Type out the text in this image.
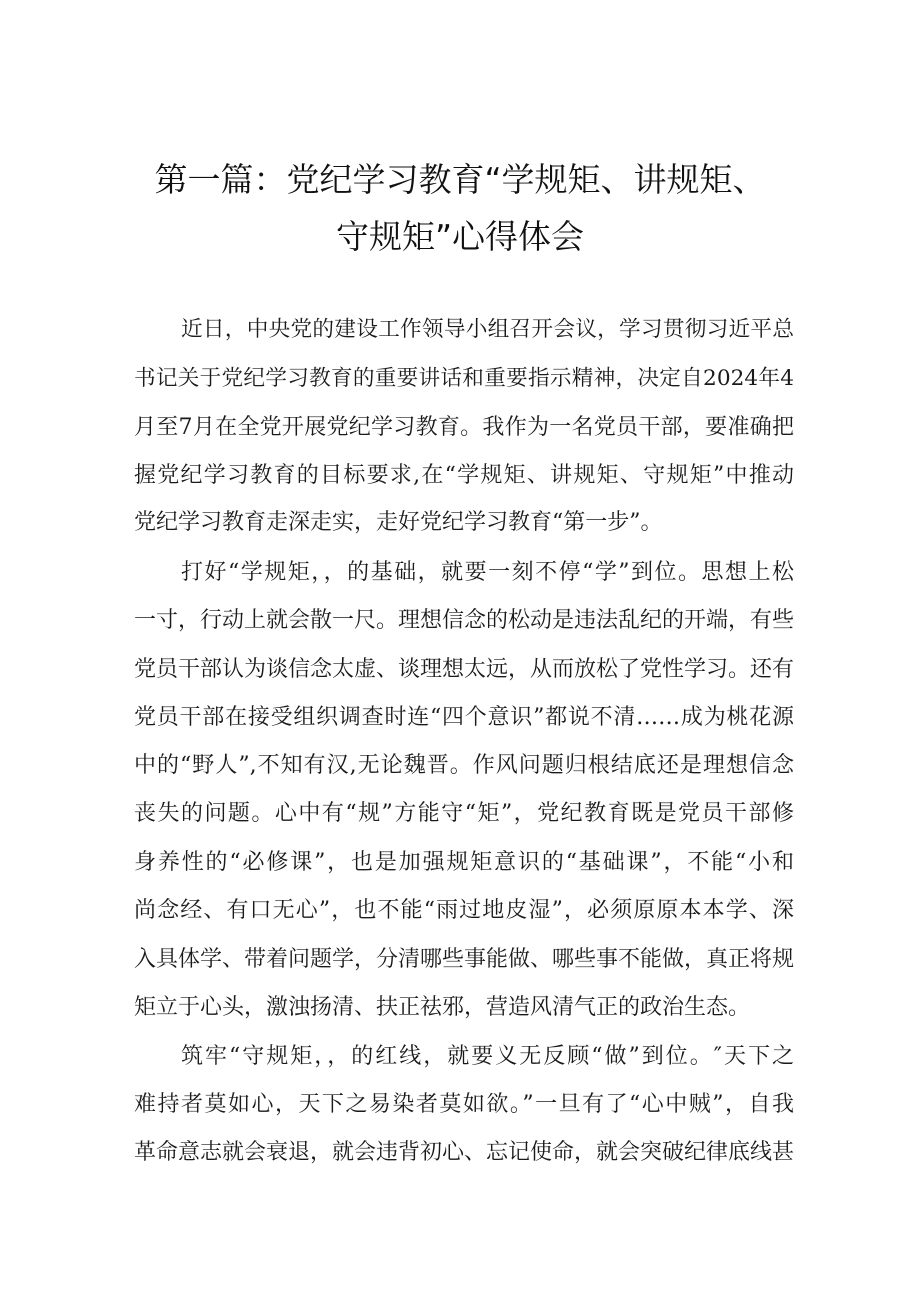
第一篇：党纪学习教育“学规矩、讲规矩、
守规矩”心得体会

近日，中央党的建设工作领导小组召开会议，学习贯彻习近平总

书记关于党纪学习教育的重要讲话和重要指示精神，决定自2024年4

月至7月在全党开展党纪学习教育。我作为一名党员干部，要准确把

握党纪学习教育的目标要求,在“学规矩、讲规矩、守规矩”中推动

党纪学习教育走深走实，走好党纪学习教育“第一步”。

打好“学规矩，，的基础，就要一刻不停“学”到位。思想上松

一寸，行动上就会散一尺。理想信念的松动是违法乱纪的开端，有些

党员干部认为谈信念太虚、谈理想太远，从而放松了党性学习。还有

党员干部在接受组织调查时连“四个意识”都说不清……成为桃花源

中的“野人”,不知有汉,无论魏晋。作风问题归根结底还是理想信念

丧失的问题。心中有“规”方能守“矩”，党纪教育既是党员干部修

身养性的“必修课”，也是加强规矩意识的“基础课”，不能“小和

尚念经、有口无心”，也不能“雨过地皮湿”，必须原原本本学、深

入具体学、带着问题学，分清哪些事能做、哪些事不能做，真正将规

矩立于心头，激浊扬清、扶正祛邪，营造风清气正的政治生态。

筑牢“守规矩，，的红线，就要义无反顾“做”到位。″天下之

难持者莫如心，天下之易染者莫如欲。”一旦有了“心中贼”，自我

革命意志就会衰退，就会违背初心、忘记使命，就会突破纪律底线甚
